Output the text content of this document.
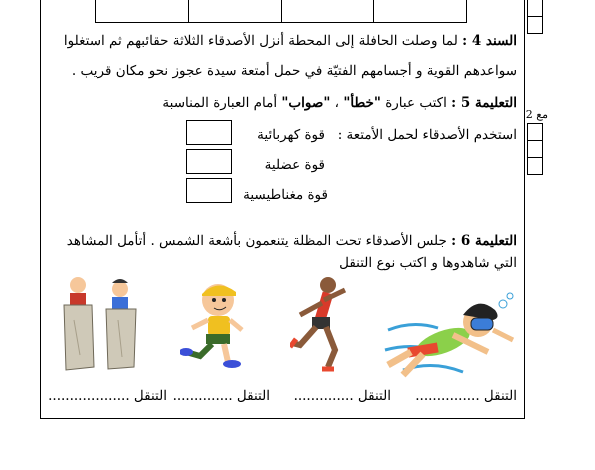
مع 2
السند 4 : لما وصلت الحافلة إلى المحطة أنزل الأصدقاء الثلاثة حقائبهم ثم استغلوا
سواعدهم القوية و أجسامهم الفتيّة في حمل أمتعة سيدة عجوز نحو مكان قريب .
التعليمة 5 : اكتب عبارة "خطأ" ، "صواب" أمام العبارة المناسبة
استخدم الأصدقاء لحمل الأمتعة :
قوة كهربائية
قوة عضلية
قوة مغناطيسية
التعليمة 6 : جلس الأصدقاء تحت المظلة يتنعمون بأشعة الشمس . أتأمل المشاهد
التي شاهدوها و اكتب نوع التنقل
التنقل ...............
التنقل ..............
التنقل ..............
التنقل ...................
